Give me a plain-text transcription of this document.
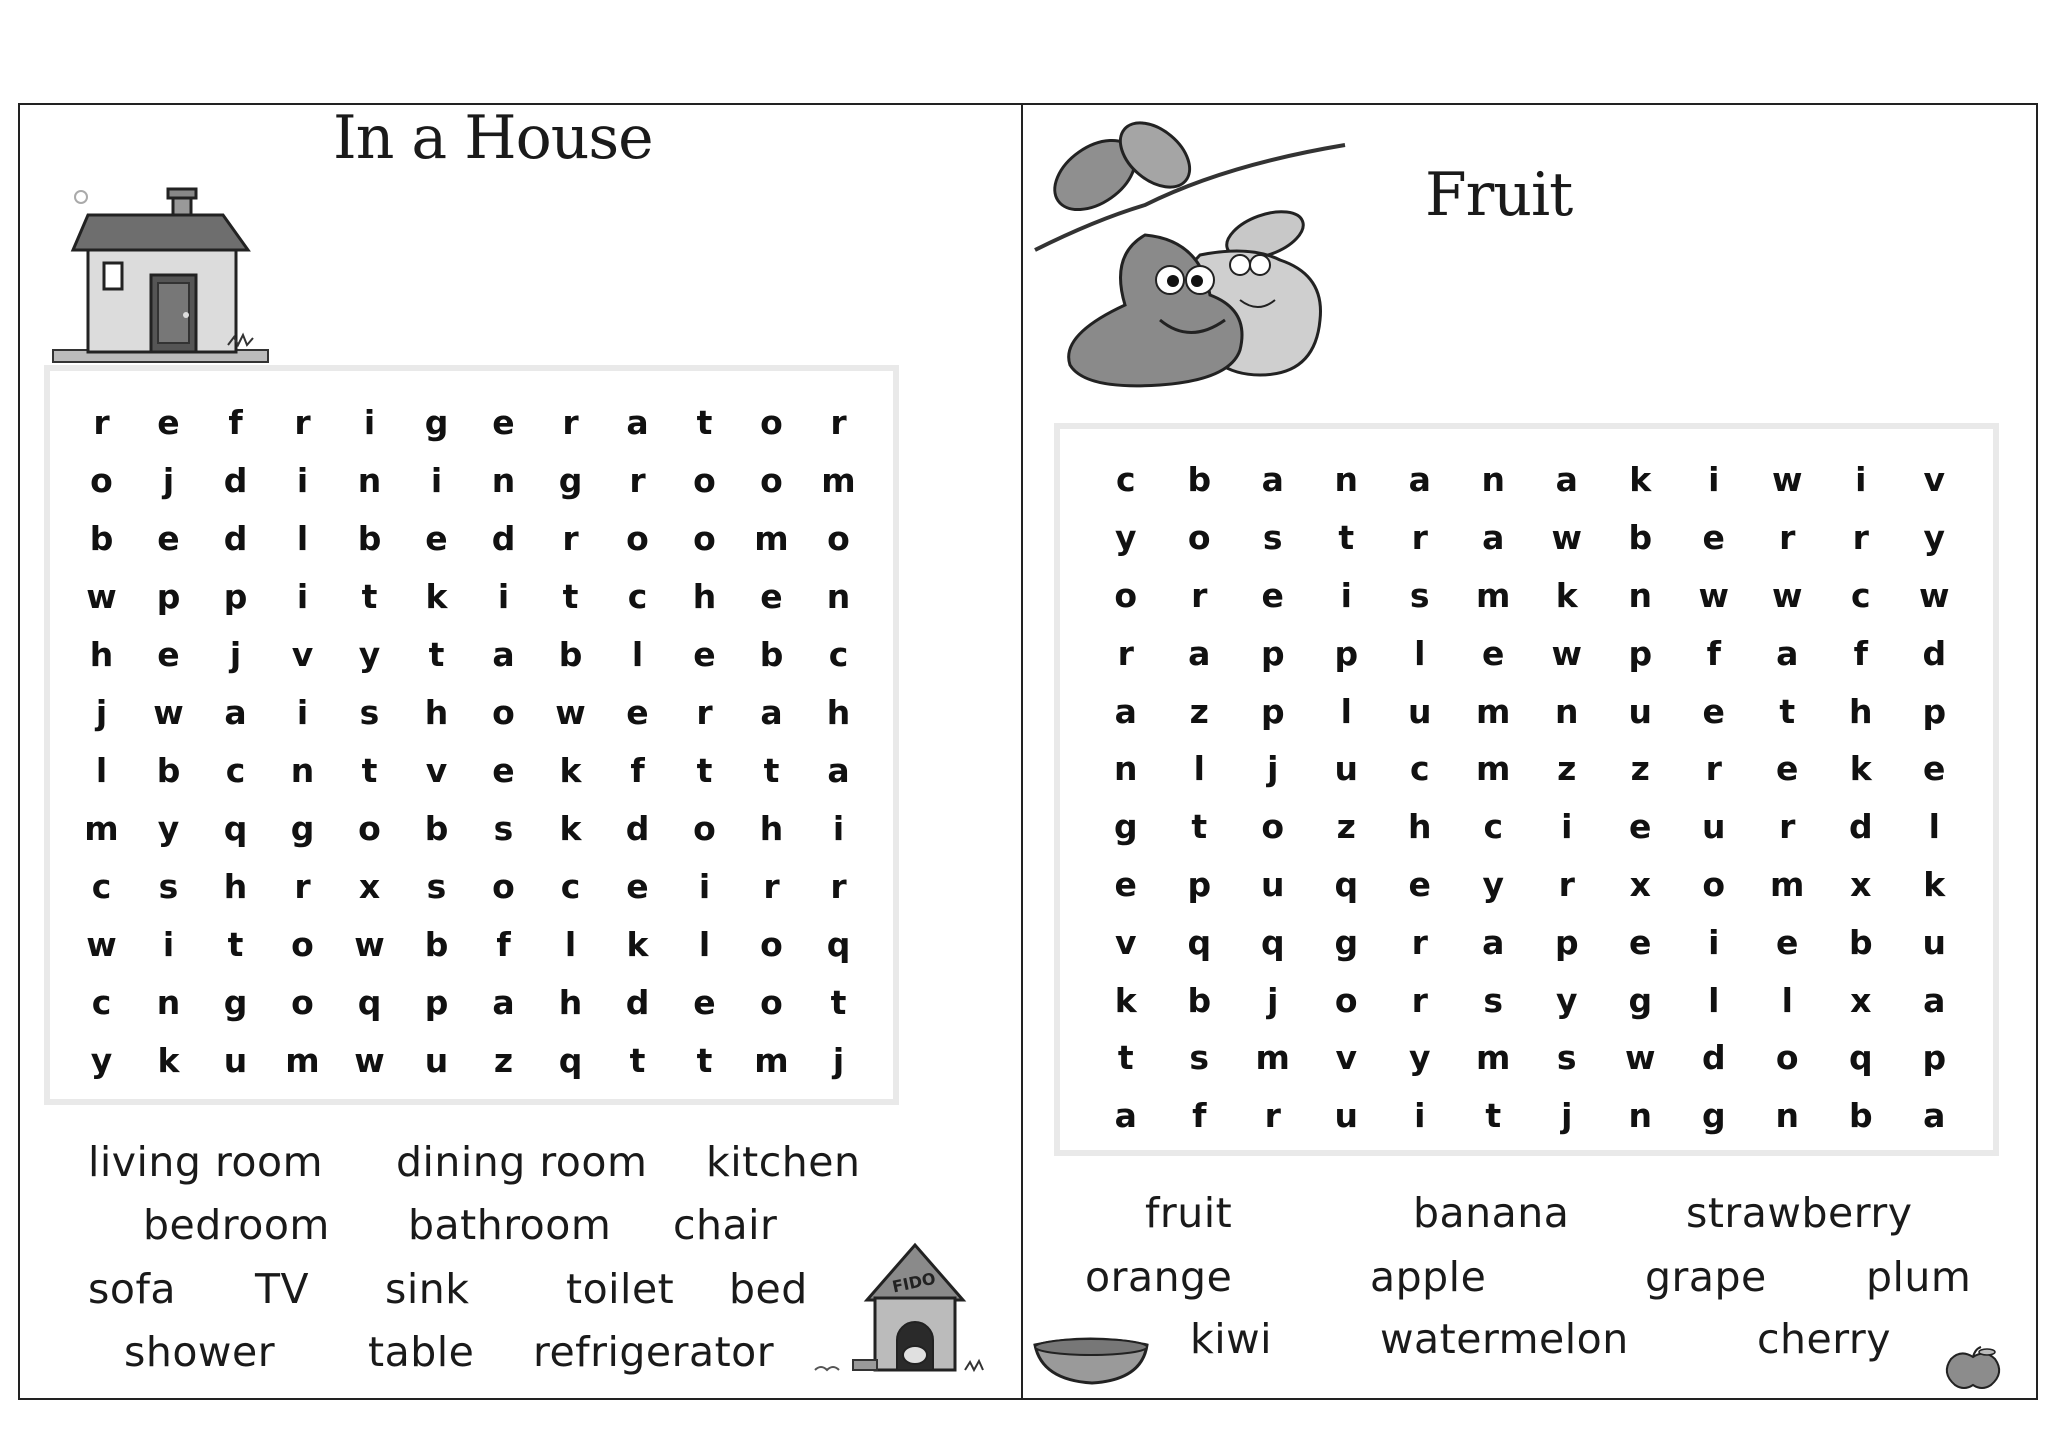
In a House
r	e	f	r	i	g	e	r	a	t	o	r
o	j	d	i	n	i	n	g	r	o	o	m
b	e	d	l	b	e	d	r	o	o	m	o
w	p	p	i	t	k	i	t	c	h	e	n
h	e	j	v	y	t	a	b	l	e	b	c
j	w	a	i	s	h	o	w	e	r	a	h
l	b	c	n	t	v	e	k	f	t	t	a
m	y	q	g	o	b	s	k	d	o	h	i
c	s	h	r	x	s	o	c	e	i	r	r
w	i	t	o	w	b	f	l	k	l	o	q
c	n	g	o	q	p	a	h	d	e	o	t
y	k	u	m	w	u	z	q	t	t	m	j
living room dining room kitchen
bedroom bathroom chair
sofa TV sink toilet bed
shower table refrigerator
FIDO
Fruit
c	b	a	n	a	n	a	k	i	w	i	v
y	o	s	t	r	a	w	b	e	r	r	y
o	r	e	i	s	m	k	n	w	w	c	w
r	a	p	p	l	e	w	p	f	a	f	d
a	z	p	l	u	m	n	u	e	t	h	p
n	l	j	u	c	m	z	z	r	e	k	e
g	t	o	z	h	c	i	e	u	r	d	l
e	p	u	q	e	y	r	x	o	m	x	k
v	q	q	g	r	a	p	e	i	e	b	u
k	b	j	o	r	s	y	g	l	l	x	a
t	s	m	v	y	m	s	w	d	o	q	p
a	f	r	u	i	t	j	n	g	n	b	a
fruit	banana	strawberry
orange	apple	grape plum
kiwi	watermelon	cherry
